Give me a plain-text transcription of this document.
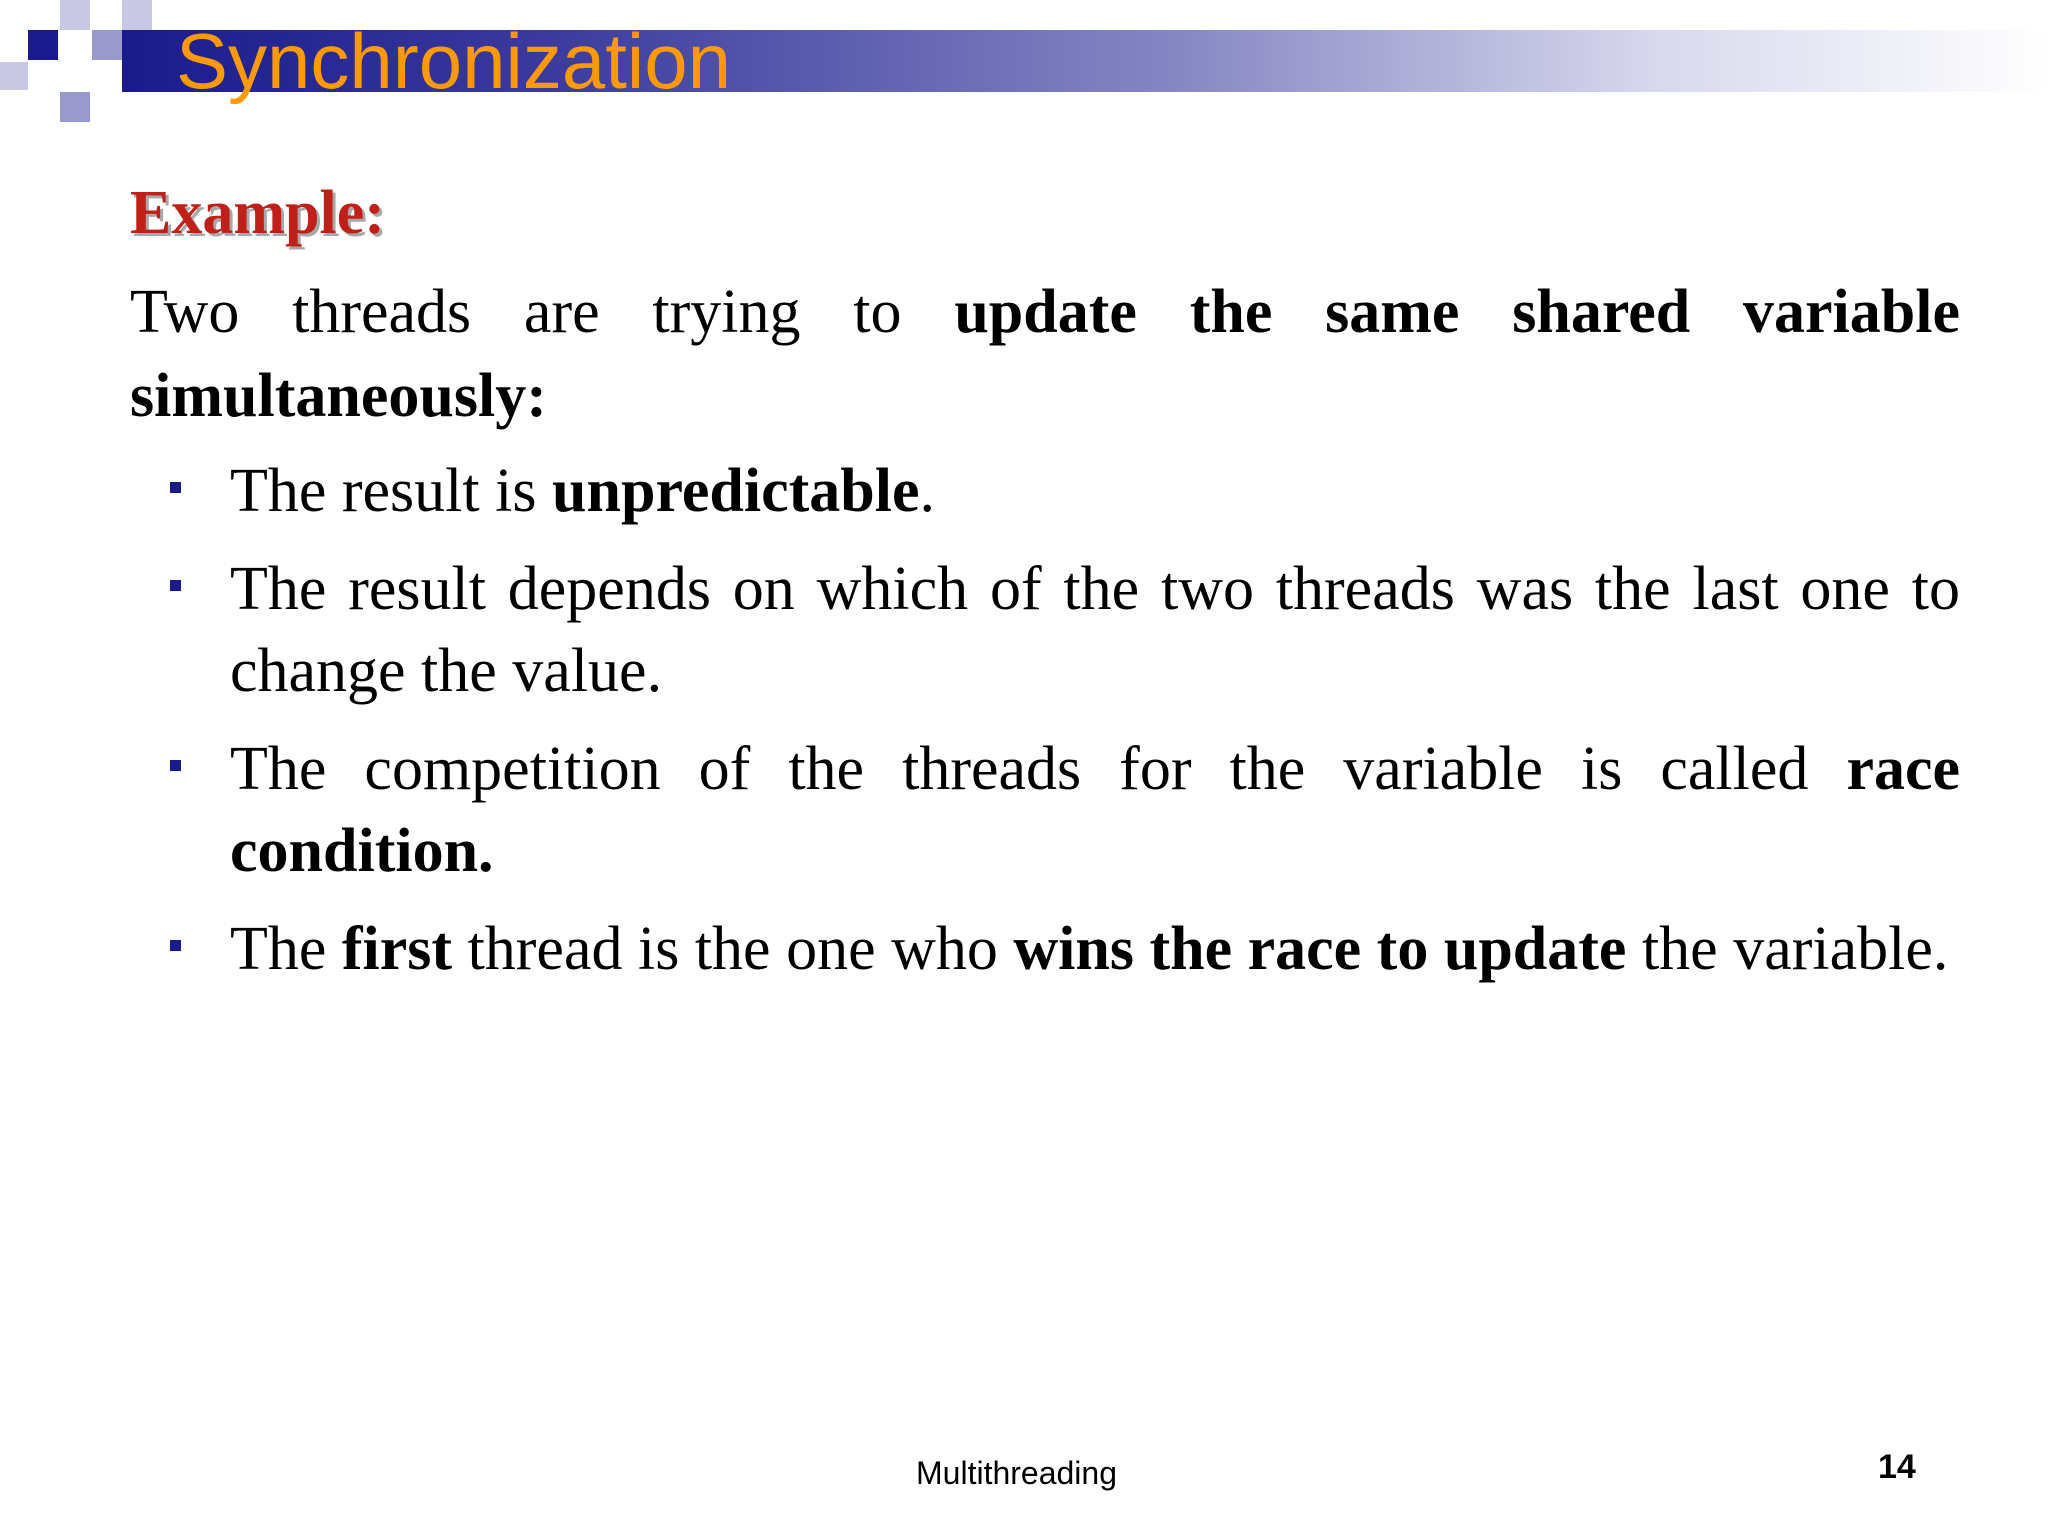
Synchronization
Example:
Two threads are trying to update the same shared variable simultaneously:
The result is unpredictable.
The result depends on which of the two threads was the last one to change the value.
The competition of the threads for the variable is called race condition.
The first thread is the one who wins the race to update the variable.
Multithreading	14
